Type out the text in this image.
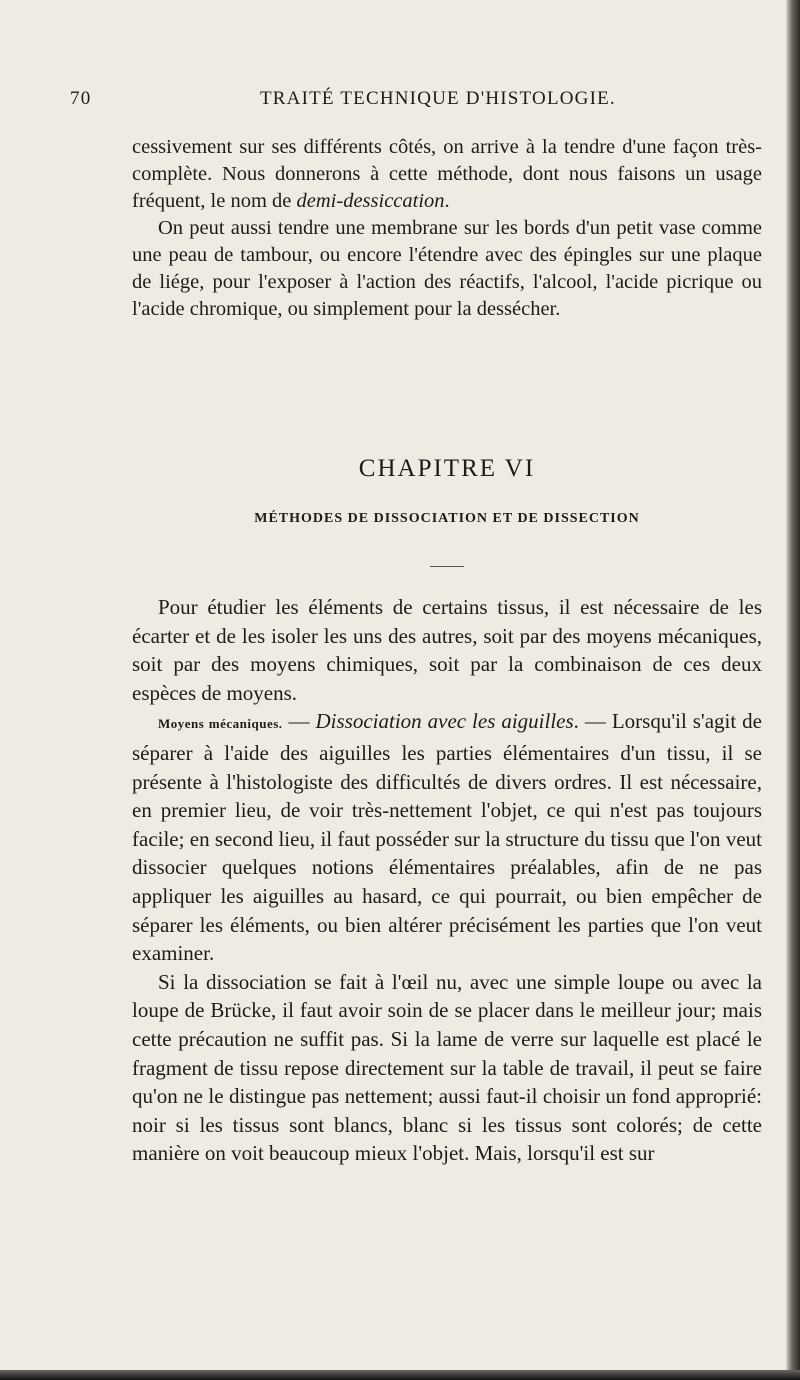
70	TRAITÉ TECHNIQUE D'HISTOLOGIE.

cessivement sur ses différents côtés, on arrive à la tendre d'une façon très-complète. Nous donnerons à cette méthode, dont nous faisons un usage fréquent, le nom de demi-dessiccation.

On peut aussi tendre une membrane sur les bords d'un petit vase comme une peau de tambour, ou encore l'étendre avec des épingles sur une plaque de liége, pour l'exposer à l'action des réactifs, l'alcool, l'acide picrique ou l'acide chromique, ou simplement pour la dessécher.

CHAPITRE VI
MÉTHODES DE DISSOCIATION ET DE DISSECTION

Pour étudier les éléments de certains tissus, il est nécessaire de les écarter et de les isoler les uns des autres, soit par des moyens mécaniques, soit par des moyens chimiques, soit par la combinaison de ces deux espèces de moyens.

Moyens mécaniques. — Dissociation avec les aiguilles. — Lorsqu'il s'agit de séparer à l'aide des aiguilles les parties élémentaires d'un tissu, il se présente à l'histologiste des difficultés de divers ordres. Il est nécessaire, en premier lieu, de voir très-nettement l'objet, ce qui n'est pas toujours facile; en second lieu, il faut posséder sur la structure du tissu que l'on veut dissocier quelques notions élémentaires préalables, afin de ne pas appliquer les aiguilles au hasard, ce qui pourrait, ou bien empêcher de séparer les éléments, ou bien altérer précisément les parties que l'on veut examiner.

Si la dissociation se fait à l'œil nu, avec une simple loupe ou avec la loupe de Brücke, il faut avoir soin de se placer dans le meilleur jour; mais cette précaution ne suffit pas. Si la lame de verre sur laquelle est placé le fragment de tissu repose directement sur la table de travail, il peut se faire qu'on ne le distingue pas nettement; aussi faut-il choisir un fond approprié: noir si les tissus sont blancs, blanc si les tissus sont colorés; de cette manière on voit beaucoup mieux l'objet. Mais, lorsqu'il est sur
